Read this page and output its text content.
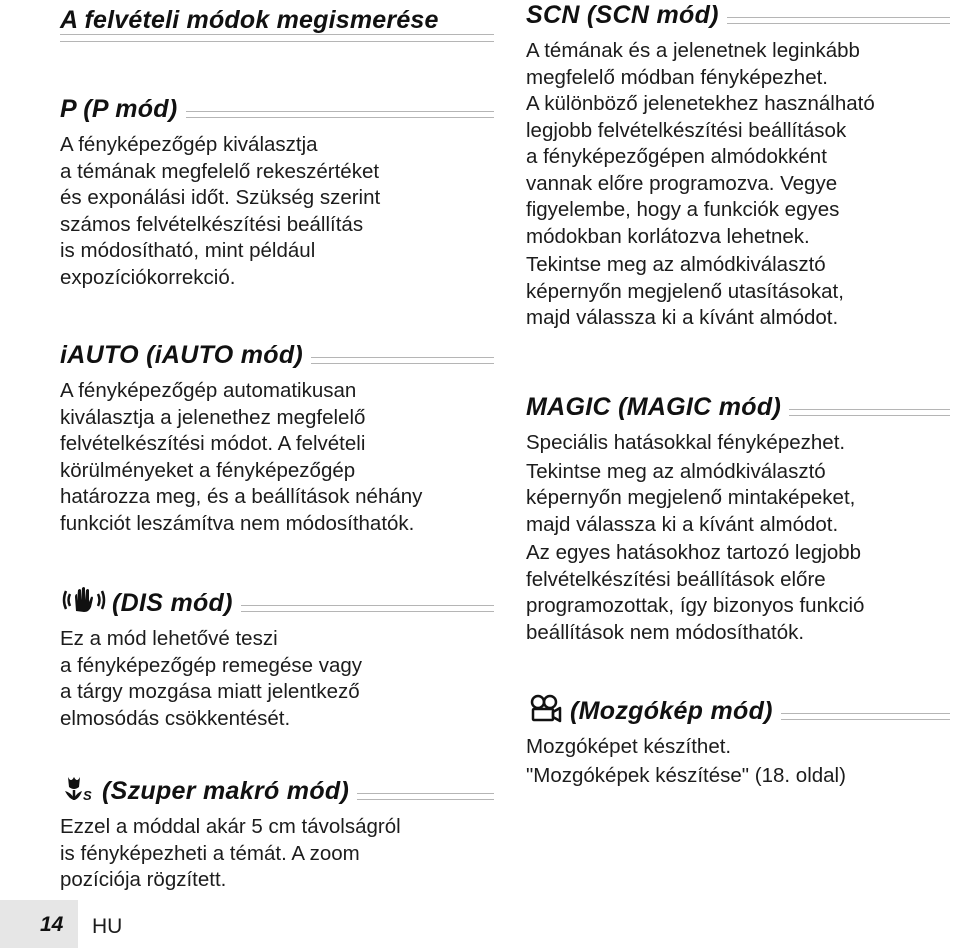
A felvételi módok megismerése
P (P mód)

A fényképezőgép kiválasztja
a témának megfelelő rekeszértéket
és exponálási időt. Szükség szerint
számos felvételkészítési beállítás
is módosítható, mint például
expozíciókorrekció.

iAUTO (iAUTO mód)

A fényképezőgép automatikusan
kiválasztja a jelenethez megfelelő
felvételkészítési módot. A felvételi
körülményeket a fényképezőgép
határozza meg, és a beállítások néhány
funkciót leszámítva nem módosíthatók.

(DIS mód)

Ez a mód lehetővé teszi
a fényképezőgép remegése vagy
a tárgy mozgása miatt jelentkező
elmosódás csökkentését.

S (Szuper makró mód)

Ezzel a móddal akár 5 cm távolságról
is fényképezheti a témát. A zoom
pozíciója rögzített.

SCN (SCN mód)

A témának és a jelenetnek leginkább
megfelelő módban fényképezhet.
A különböző jelenetekhez használható
legjobb felvételkészítési beállítások
a fényképezőgépen almódokként
vannak előre programozva. Vegye
figyelembe, hogy a funkciók egyes
módokban korlátozva lehetnek.

Tekintse meg az almódkiválasztó
képernyőn megjelenő utasításokat,
majd válassza ki a kívánt almódot.

MAGIC (MAGIC mód)

Speciális hatásokkal fényképezhet.

Tekintse meg az almódkiválasztó
képernyőn megjelenő mintaképeket,
majd válassza ki a kívánt almódot.

Az egyes hatásokhoz tartozó legjobb
felvételkészítési beállítások előre
programozottak, így bizonyos funkció
beállítások nem módosíthatók.

(Mozgókép mód)

Mozgóképet készíthet.

"Mozgóképek készítése" (18. oldal)

14 HU
